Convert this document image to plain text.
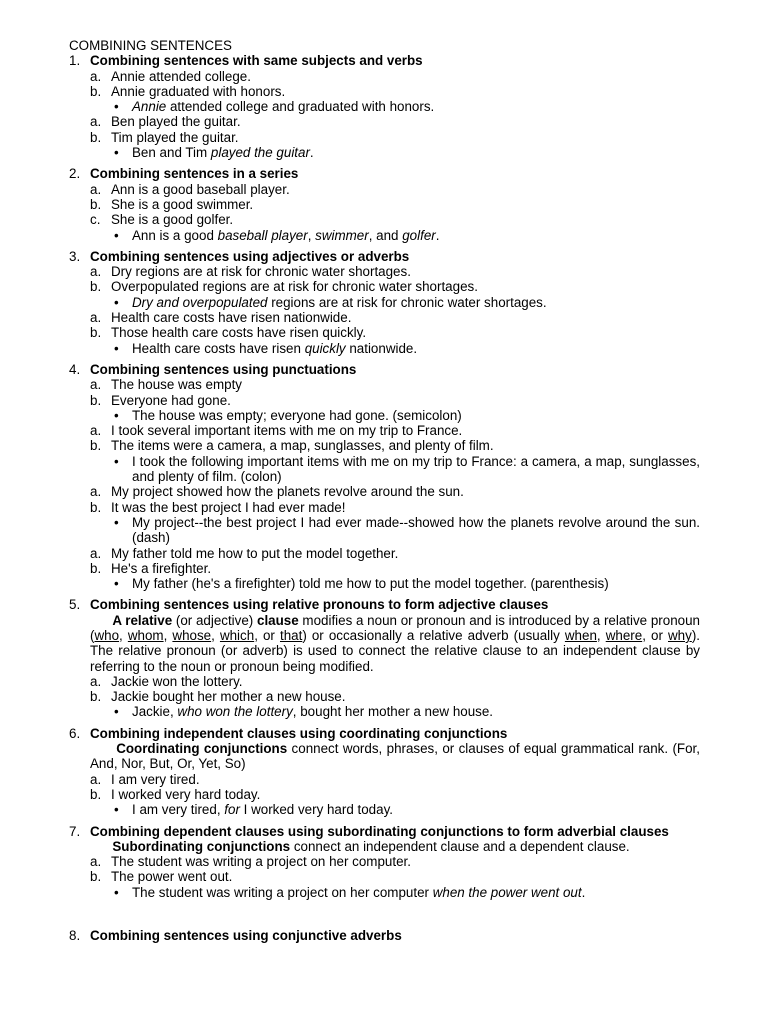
COMBINING SENTENCES
1. Combining sentences with same subjects and verbs
a. Annie attended college.
b. Annie graduated with honors.
• Annie attended college and graduated with honors.
a. Ben played the guitar.
b. Tim played the guitar.
• Ben and Tim played the guitar.
2. Combining sentences in a series
a. Ann is a good baseball player.
b. She is a good swimmer.
c. She is a good golfer.
• Ann is a good baseball player, swimmer, and golfer.
3. Combining sentences using adjectives or adverbs
a. Dry regions are at risk for chronic water shortages.
b. Overpopulated regions are at risk for chronic water shortages.
• Dry and overpopulated regions are at risk for chronic water shortages.
a. Health care costs have risen nationwide.
b. Those health care costs have risen quickly.
• Health care costs have risen quickly nationwide.
4. Combining sentences using punctuations
a. The house was empty
b. Everyone had gone.
• The house was empty; everyone had gone. (semicolon)
a. I took several important items with me on my trip to France.
b. The items were a camera, a map, sunglasses, and plenty of film.
• I took the following important items with me on my trip to France: a camera, a map, sunglasses, and plenty of film. (colon)
a. My project showed how the planets revolve around the sun.
b. It was the best project I had ever made!
• My project--the best project I had ever made--showed how the planets revolve around the sun. (dash)
a. My father told me how to put the model together.
b. He's a firefighter.
• My father (he's a firefighter) told me how to put the model together. (parenthesis)
5. Combining sentences using relative pronouns to form adjective clauses
A relative (or adjective) clause modifies a noun or pronoun and is introduced by a relative pronoun (who, whom, whose, which, or that) or occasionally a relative adverb (usually when, where, or why). The relative pronoun (or adverb) is used to connect the relative clause to an independent clause by referring to the noun or pronoun being modified.
a. Jackie won the lottery.
b. Jackie bought her mother a new house.
• Jackie, who won the lottery, bought her mother a new house.
6. Combining independent clauses using coordinating conjunctions
Coordinating conjunctions connect words, phrases, or clauses of equal grammatical rank. (For, And, Nor, But, Or, Yet, So)
a. I am very tired.
b. I worked very hard today.
• I am very tired, for I worked very hard today.
7. Combining dependent clauses using subordinating conjunctions to form adverbial clauses
Subordinating conjunctions connect an independent clause and a dependent clause.
a. The student was writing a project on her computer.
b. The power went out.
• The student was writing a project on her computer when the power went out.
8. Combining sentences using conjunctive adverbs
